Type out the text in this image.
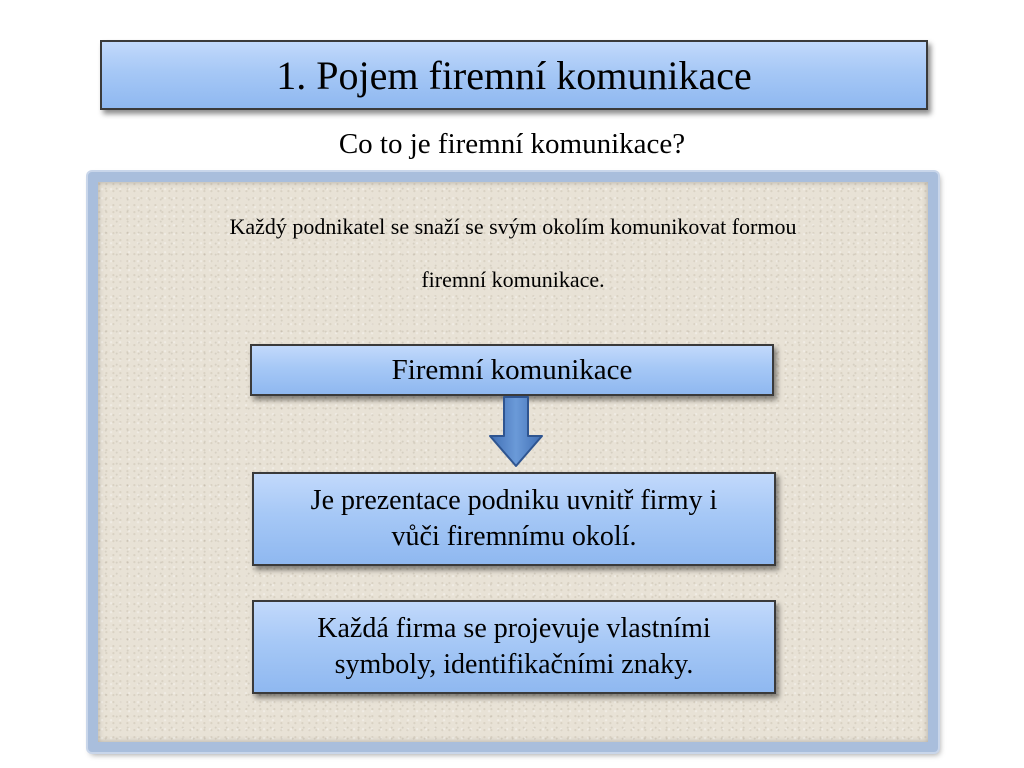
1. Pojem firemní komunikace
Co to je firemní komunikace?
Každý podnikatel se snaží se svým okolím komunikovat formou
firemní komunikace.
Firemní komunikace
Je prezentace podniku uvnitř firmy i
vůči firemnímu okolí.
Každá firma se projevuje vlastními
symboly, identifikačními znaky.
